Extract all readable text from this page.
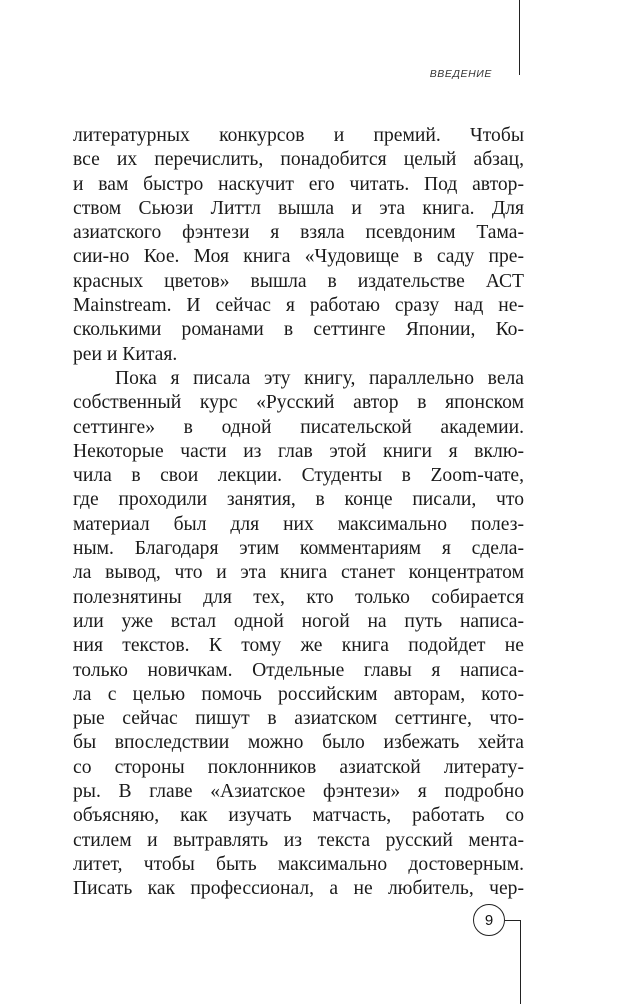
ВВЕДЕНИЕ
литературных конкурсов и премий. Чтобы
все их перечислить, понадобится целый абзац,
и вам быстро наскучит его читать. Под автор-
ством Сьюзи Литтл вышла и эта книга. Для
азиатского фэнтези я взяла псевдоним Тама-
сии-но Кое. Моя книга «Чудовище в саду пре-
красных цветов» вышла в издательстве АСТ
Mainstream. И сейчас я работаю сразу над не-
сколькими романами в сеттинге Японии, Ко-
реи и Китая.
Пока я писала эту книгу, параллельно вела
собственный курс «Русский автор в японском
сеттинге» в одной писательской академии.
Некоторые части из глав этой книги я вклю-
чила в свои лекции. Студенты в Zoom-чате,
где проходили занятия, в конце писали, что
материал был для них максимально полез-
ным. Благодаря этим комментариям я сдела-
ла вывод, что и эта книга станет концентратом
полезнятины для тех, кто только собирается
или уже встал одной ногой на путь написа-
ния текстов. К тому же книга подойдет не
только новичкам. Отдельные главы я написа-
ла с целью помочь российским авторам, кото-
рые сейчас пишут в азиатском сеттинге, что-
бы впоследствии можно было избежать хейта
со стороны поклонников азиатской литерату-
ры. В главе «Азиатское фэнтези» я подробно
объясняю, как изучать матчасть, работать со
стилем и вытравлять из текста русский мента-
литет, чтобы быть максимально достоверным.
Писать как профессионал, а не любитель, чер-
9
